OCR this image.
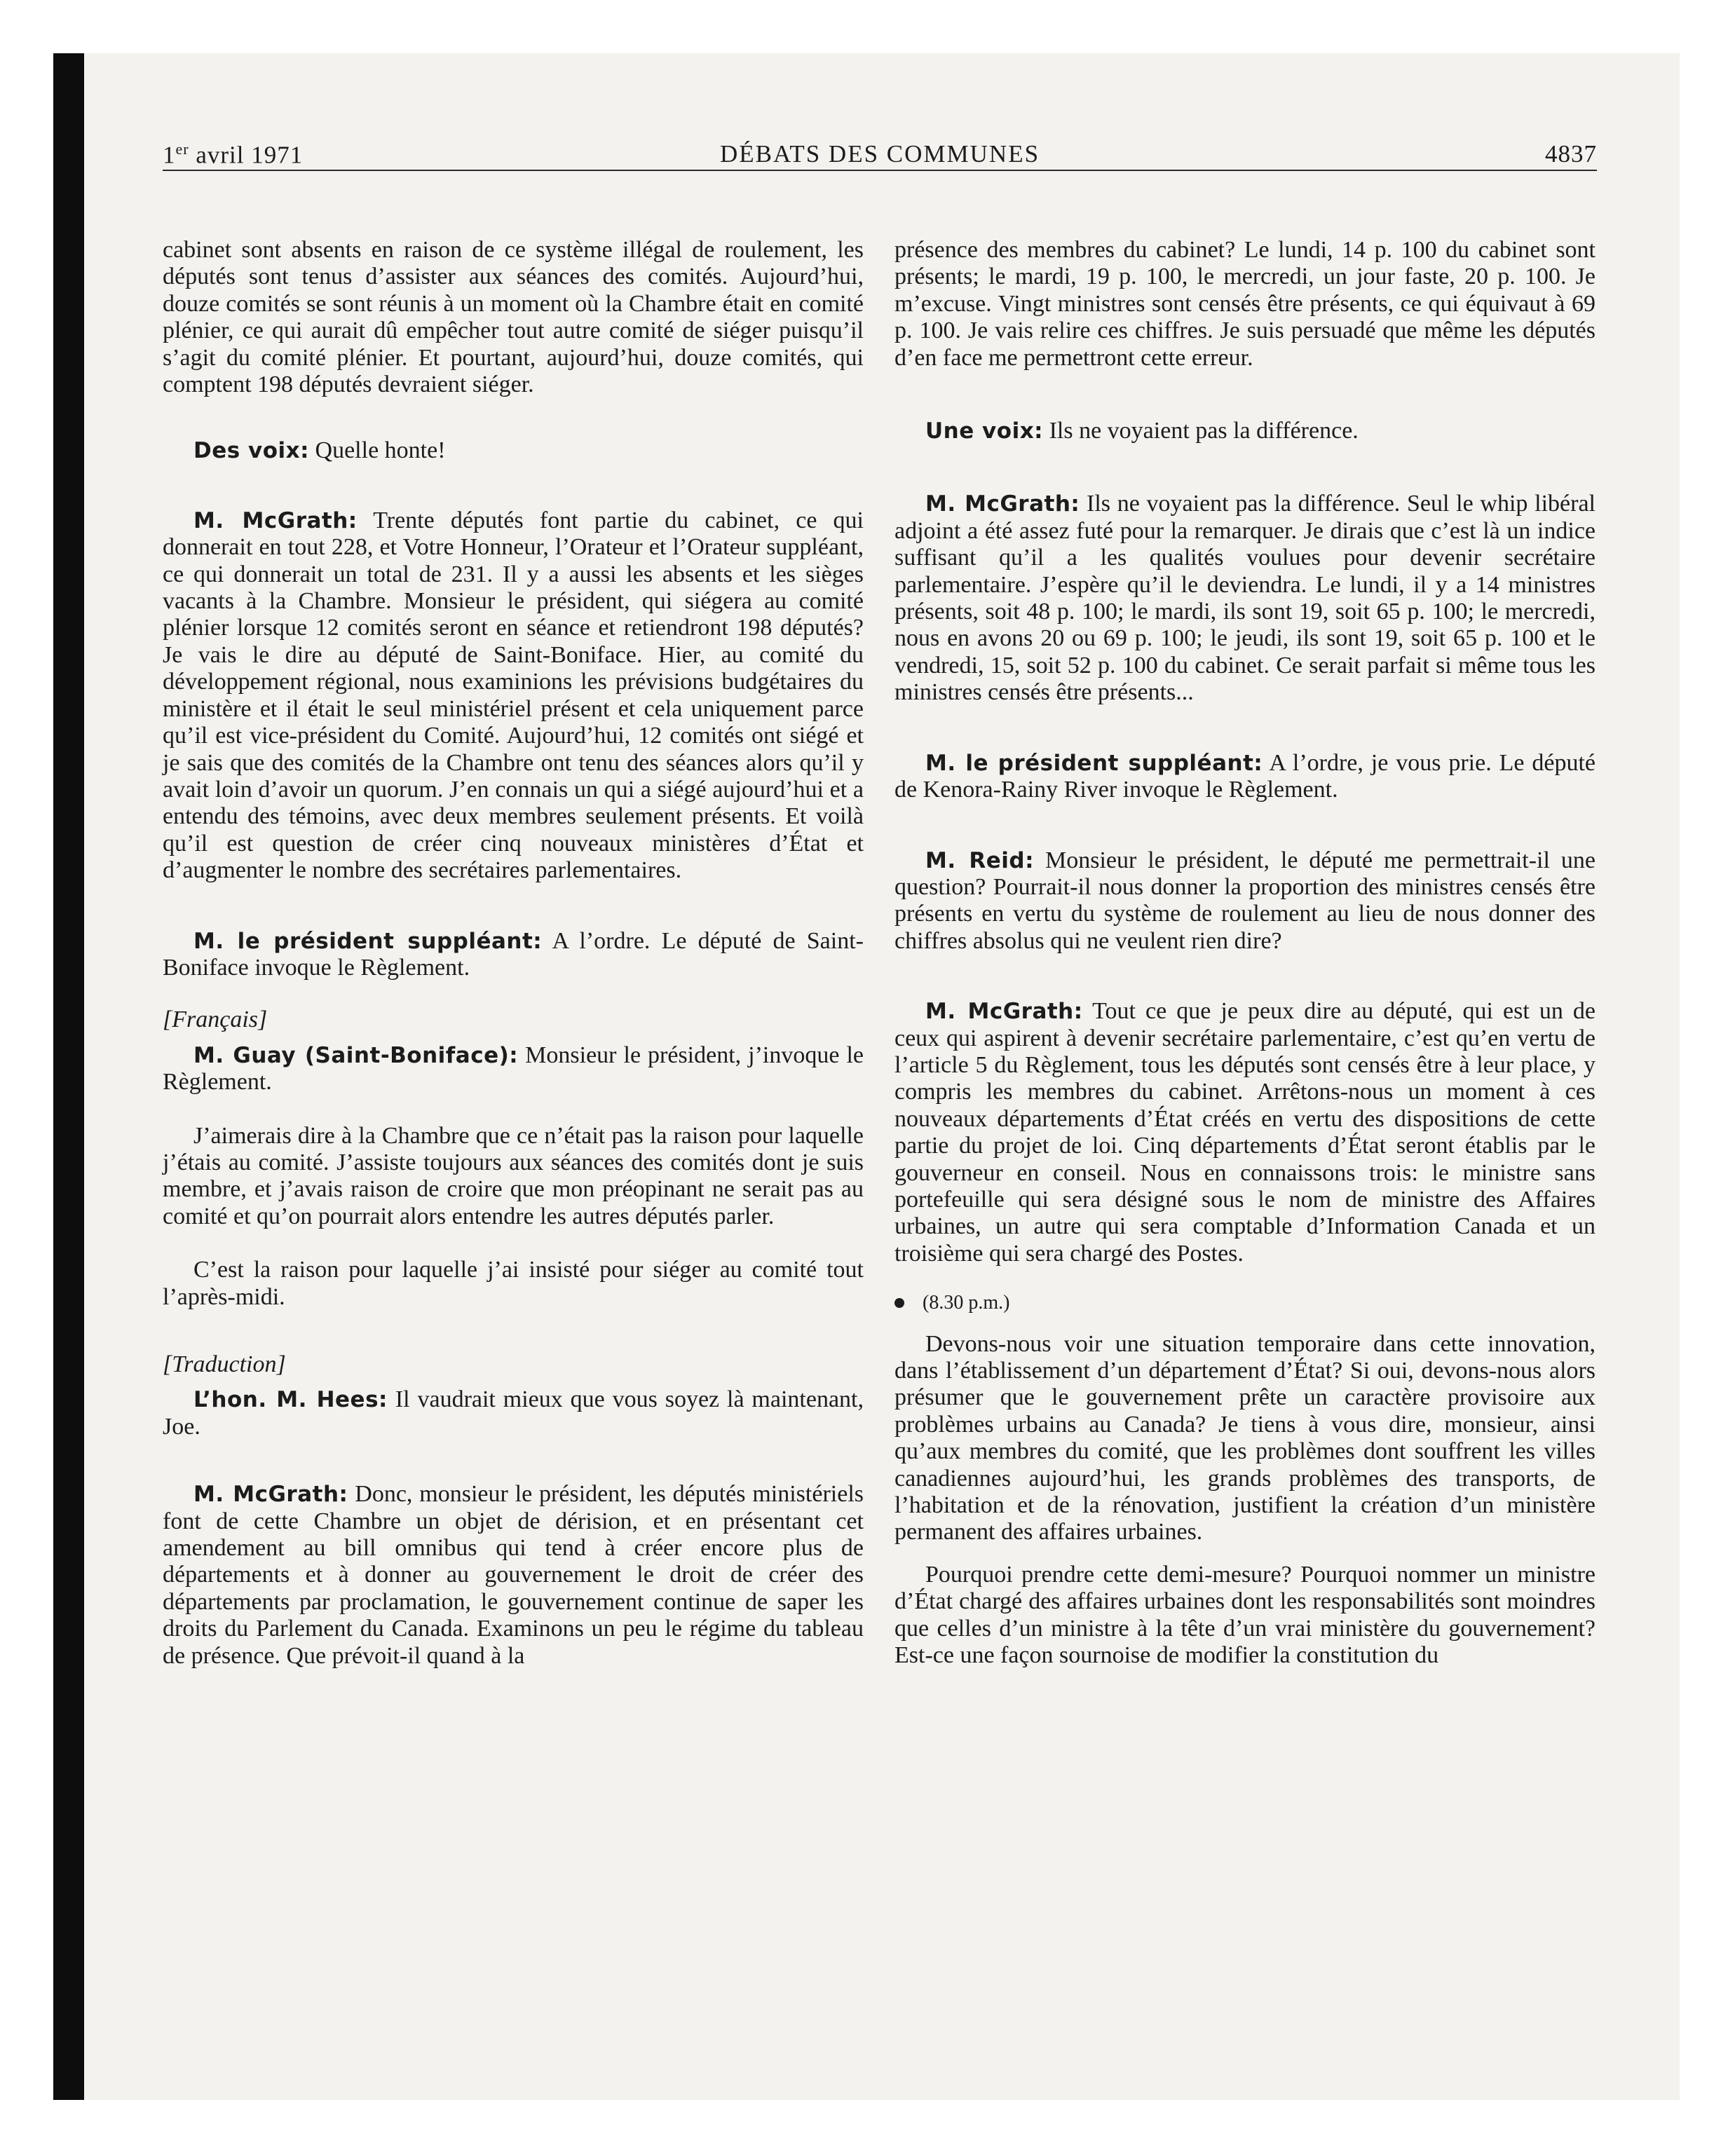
1er avril 1971	DÉBATS DES COMMUNES	4837

cabinet sont absents en raison de ce système illégal de roulement, les députés sont tenus d’assister aux séances des comités. Aujourd’hui, douze comités se sont réunis à un moment où la Chambre était en comité plénier, ce qui aurait dû empêcher tout autre comité de siéger puisqu’il s’agit du comité plénier. Et pourtant, aujourd’hui, douze comités, qui comptent 198 députés devraient siéger.

Des voix: Quelle honte!

M. McGrath: Trente députés font partie du cabinet, ce qui donnerait en tout 228, et Votre Honneur, l’Orateur et l’Orateur suppléant, ce qui donnerait un total de 231. Il y a aussi les absents et les sièges vacants à la Chambre. Monsieur le président, qui siégera au comité plénier lorsque 12 comités seront en séance et retiendront 198 députés? Je vais le dire au député de Saint-Boniface. Hier, au comité du développement régional, nous examinions les prévisions budgétaires du ministère et il était le seul ministériel présent et cela uniquement parce qu’il est vice-président du Comité. Aujourd’hui, 12 comités ont siégé et je sais que des comités de la Chambre ont tenu des séances alors qu’il y avait loin d’avoir un quorum. J’en connais un qui a siégé aujourd’hui et a entendu des témoins, avec deux membres seulement présents. Et voilà qu’il est question de créer cinq nouveaux ministères d’État et d’augmenter le nombre des secrétaires parlementaires.

M. le président suppléant: A l’ordre. Le député de Saint-Boniface invoque le Règlement.

[Français]

M. Guay (Saint-Boniface): Monsieur le président, j’invoque le Règlement.

J’aimerais dire à la Chambre que ce n’était pas la raison pour laquelle j’étais au comité. J’assiste toujours aux séances des comités dont je suis membre, et j’avais raison de croire que mon préopinant ne serait pas au comité et qu’on pourrait alors entendre les autres députés parler.

C’est la raison pour laquelle j’ai insisté pour siéger au comité tout l’après-midi.

[Traduction]

L’hon. M. Hees: Il vaudrait mieux que vous soyez là maintenant, Joe.

M. McGrath: Donc, monsieur le président, les députés ministériels font de cette Chambre un objet de dérision, et en présentant cet amendement au bill omnibus qui tend à créer encore plus de départements et à donner au gouvernement le droit de créer des départements par proclamation, le gouvernement continue de saper les droits du Parlement du Canada. Examinons un peu le régime du tableau de présence. Que prévoit-il quand à la

présence des membres du cabinet? Le lundi, 14 p. 100 du cabinet sont présents; le mardi, 19 p. 100, le mercredi, un jour faste, 20 p. 100. Je m’excuse. Vingt ministres sont censés être présents, ce qui équivaut à 69 p. 100. Je vais relire ces chiffres. Je suis persuadé que même les députés d’en face me permettront cette erreur.

Une voix: Ils ne voyaient pas la différence.

M. McGrath: Ils ne voyaient pas la différence. Seul le whip libéral adjoint a été assez futé pour la remarquer. Je dirais que c’est là un indice suffisant qu’il a les qualités voulues pour devenir secrétaire parlementaire. J’espère qu’il le deviendra. Le lundi, il y a 14 ministres présents, soit 48 p. 100; le mardi, ils sont 19, soit 65 p. 100; le mercredi, nous en avons 20 ou 69 p. 100; le jeudi, ils sont 19, soit 65 p. 100 et le vendredi, 15, soit 52 p. 100 du cabinet. Ce serait parfait si même tous les ministres censés être présents...

M. le président suppléant: A l’ordre, je vous prie. Le député de Kenora-Rainy River invoque le Règlement.

M. Reid: Monsieur le président, le député me permettrait-il une question? Pourrait-il nous donner la proportion des ministres censés être présents en vertu du système de roulement au lieu de nous donner des chiffres absolus qui ne veulent rien dire?

M. McGrath: Tout ce que je peux dire au député, qui est un de ceux qui aspirent à devenir secrétaire parlementaire, c’est qu’en vertu de l’article 5 du Règlement, tous les députés sont censés être à leur place, y compris les membres du cabinet. Arrêtons-nous un moment à ces nouveaux départements d’État créés en vertu des dispositions de cette partie du projet de loi. Cinq départements d’État seront établis par le gouverneur en conseil. Nous en connaissons trois: le ministre sans portefeuille qui sera désigné sous le nom de ministre des Affaires urbaines, un autre qui sera comptable d’Information Canada et un troisième qui sera chargé des Postes.

(8.30 p.m.)

Devons-nous voir une situation temporaire dans cette innovation, dans l’établissement d’un département d’État? Si oui, devons-nous alors présumer que le gouvernement prête un caractère provisoire aux problèmes urbains au Canada? Je tiens à vous dire, monsieur, ainsi qu’aux membres du comité, que les problèmes dont souffrent les villes canadiennes aujourd’hui, les grands problèmes des transports, de l’habitation et de la rénovation, justifient la création d’un ministère permanent des affaires urbaines.

Pourquoi prendre cette demi-mesure? Pourquoi nommer un ministre d’État chargé des affaires urbaines dont les responsabilités sont moindres que celles d’un ministre à la tête d’un vrai ministère du gouvernement? Est-ce une façon sournoise de modifier la constitution du
